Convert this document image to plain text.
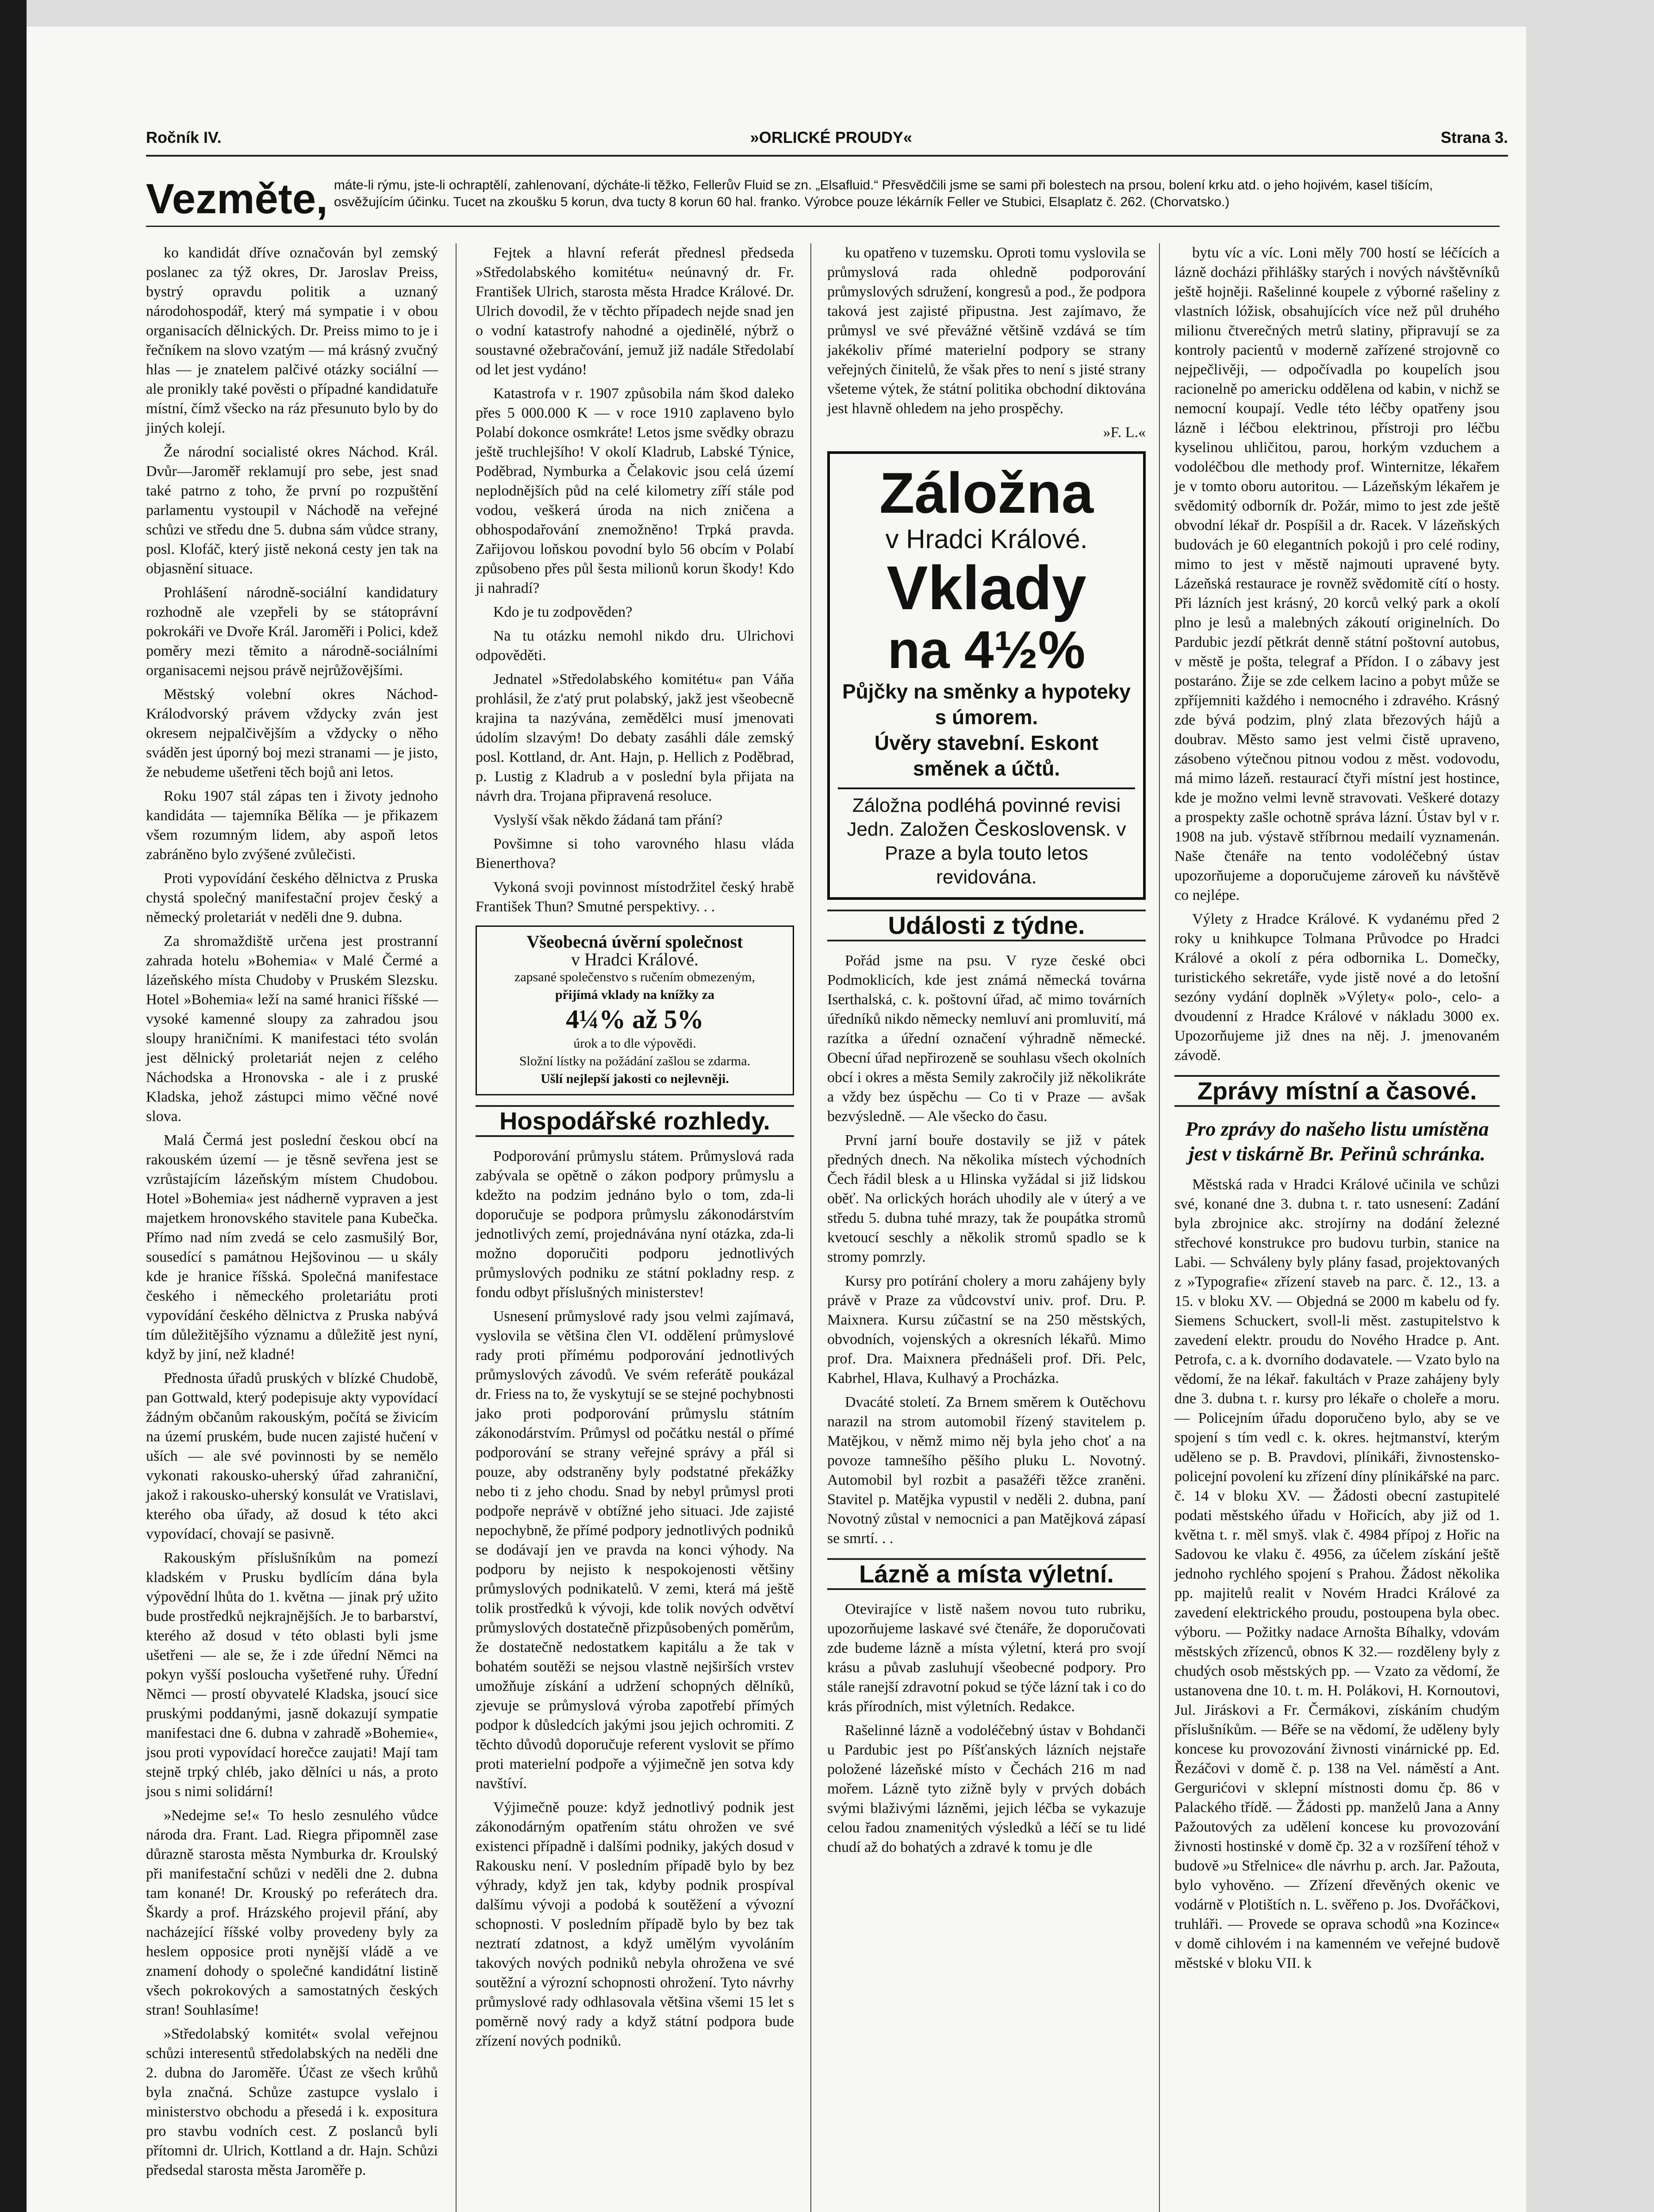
Ročník IV.	»ORLICKÉ PROUDY«	Strana 3.
Vezměte, máte-li rýmu, jste-li ochraptělí, zahlenovaní, dýcháte-li těžko, Fellerův Fluid se zn. „Elsafluid.“ Přesvědčili jsme se sami při bolestech na prsou, bolení krku atd. o jeho hojivém, kasel tišícím, osvěžujícím účinku. Tucet na zkoušku 5 korun, dva tucty 8 korun 60 hal. franko. Výrobce pouze lékárník Feller ve Stubici, Elsaplatz č. 262. (Chorvatsko.)

ko kandidát dříve označován byl zemský poslanec za týž okres, Dr. Jaroslav Preiss, bystrý opravdu politik a uznaný národohospodář, který má sympatie i v obou organisacích dělnických. Dr. Preiss mimo to je i řečníkem na slovo vzatým — má krásný zvučný hlas — je znatelem palčivé otázky sociální — ale pronikly také pověsti o případné kandidatuře místní, čímž všecko na ráz přesunuto bylo by do jiných kolejí.

Že národní socialisté okres Náchod. Král. Dvůr—Jaroměř reklamují pro sebe, jest snad také patrno z toho, že první po rozpuštění parlamentu vystoupil v Náchodě na veřejné schůzi ve středu dne 5. dubna sám vůdce strany, posl. Klofáč, který jistě nekoná cesty jen tak na objasnění situace.

Prohlášení národně-sociální kandidatury rozhodně ale vzepřeli by se státoprávní pokrokáři ve Dvoře Král. Jaroměři i Polici, kdež poměry mezi těmito a národně-sociálními organisacemi nejsou právě nejrůžovějšími.

Městský volební okres Náchod-Králodvorský právem vždycky zván jest okresem nejpalčivějším a vždycky o něho sváděn jest úporný boj mezi stranami — je jisto, že nebudeme ušetřeni těch bojů ani letos.

Roku 1907 stál zápas ten i životy jednoho kandidáta — tajemníka Bělíka — je přikazem všem rozumným lidem, aby aspoň letos zabráněno bylo zvýšené zvůlečisti.

Proti vypovídání českého dělnictva z Pruska chystá společný manifestační projev český a německý proletariát v neděli dne 9. dubna.

Za shromaždiště určena jest prostranní zahrada hotelu »Bohemia« v Malé Čermé a lázeňského místa Chudoby v Pruském Slezsku. Hotel »Bohemia« leží na samé hranici říšské — vysoké kamenné sloupy za zahradou jsou sloupy hraničními. K manifestaci této svolán jest dělnický proletariát nejen z celého Náchodska a Hronovska - ale i z pruské Kladska, jehož zástupci mimo věčné nové slova.

Malá Čermá jest poslední českou obcí na rakouském území — je těsně sevřena jest se vzrůstajícím lázeňským místem Chudobou. Hotel »Bohemia« jest nádherně vypraven a jest majetkem hronovského stavitele pana Kubečka. Přímo nad ním zvedá se celo zasmušilý Bor, sousedící s památnou Hejšovinou — u skály kde je hranice říšská. Společná manifestace českého i německého proletariátu proti vypovídání českého dělnictva z Pruska nabývá tím důležitějšího významu a důležitě jest nyní, když by jiní, než kladné!

Přednosta úřadů pruských v blízké Chudobě, pan Gottwald, který podepisuje akty vypovídací žádným občanům rakouským, počítá se živicím na území pruském, bude nucen zajisté hučení v uších — ale své povinnosti by se nemělo vykonati rakousko-uherský úřad zahraniční, jakož i rakousko-uherský konsulát ve Vratislavi, kterého oba úřady, až dosud k této akci vypovídací, chovají se pasivně.

Rakouským příslušníkům na pomezí kladském v Prusku bydlícím dána byla výpovědní lhůta do 1. května — jinak prý užito bude prostředků nejkrajnějších. Je to barbarství, kterého až dosud v této oblasti byli jsme ušetřeni — ale se, že i zde úřední Němci na pokyn vyšší posloucha vyšetřené ruhy. Úřední Němci — prostí obyvatelé Kladska, jsoucí sice pruskými poddanými, jasně dokazují sympatie manifestaci dne 6. dubna v zahradě »Bohemie«, jsou proti vypovídací horečce zaujati! Mají tam stejně trpký chléb, jako dělníci u nás, a proto jsou s nimi solidární!

»Nedejme se!« To heslo zesnulého vůdce národa dra. Frant. Lad. Riegra připomněl zase důrazně starosta města Nymburka dr. Kroulský při manifestační schůzi v neděli dne 2. dubna tam konané! Dr. Krouský po referátech dra. Škardy a prof. Hrázského projevil přání, aby nacházející říšské volby provedeny byly za heslem opposice proti nynější vládě a ve znamení dohody o společné kandidátní listině všech pokrokových a samostatných českých stran! Souhlasíme!

»Středolabský komitét« svolal veřejnou schůzi interesentů středolabských na neděli dne 2. dubna do Jaroměře. Účast ze všech krůhů byla značná. Schůze zastupce vyslalo i ministerstvo obchodu a přesedá i k. expositura pro stavbu vodních cest. Z poslanců byli přítomni dr. Ulrich, Kottland a dr. Hajn. Schůzi předsedal starosta města Jaroměře p.

Fejtek a hlavní referát přednesl předseda »Středolabského komitétu« neúnavný dr. Fr. František Ulrich, starosta města Hradce Králové. Dr. Ulrich dovodil, že v těchto případech nejde snad jen o vodní katastrofy nahodné a ojedinělé, nýbrž o soustavné ožebračování, jemuž již nadále Středolabí od let jest vydáno!

Katastrofa v r. 1907 způsobila nám škod daleko přes 5 000.000 K — v roce 1910 zaplaveno bylo Polabí dokonce osmkráte! Letos jsme svědky obrazu ještě truchlejšího! V okolí Kladrub, Labské Týnice, Poděbrad, Nymburka a Čelakovic jsou celá území neplodnějších půd na celé kilometry zíří stále pod vodou, veškerá úroda na nich zničena a obhospodařování znemožněno! Trpká pravda. Zařijovou loňskou povodní bylo 56 obcím v Polabí způsobeno přes půl šesta milionů korun škody! Kdo ji nahradí?

Kdo je tu zodpověden?

Na tu otázku nemohl nikdo dru. Ulrichovi odpověděti.

Jednatel »Středolabského komitétu« pan Váňa prohlásil, že z'atý prut polabský, jakž jest všeobecně krajina ta nazývána, zemědělci musí jmenovati údolím slzavým! Do debaty zasáhli dále zemský posl. Kottland, dr. Ant. Hajn, p. Hellich z Poděbrad, p. Lustig z Kladrub a v poslední byla přijata na návrh dra. Trojana připravená resoluce.

Vyslyší však někdo žádaná tam přání?

Povšimne si toho varovného hlasu vláda Bienerthova?

Vykoná svoji povinnost místodržitel český hrabě František Thun? Smutné perspektivy. . .

Všeobecná úvěrní společnost
v Hradci Králové.
zapsané společenstvo s ručením obmezeným,
přijímá vklady na knížky za
4¼% až 5%
úrok a to dle výpovědi.
Složní lístky na požádání zašlou se zdarma.
Ušlí nejlepší jakosti co nejlevněji.
Hospodářské rozhledy.

Podporování průmyslu státem. Průmyslová rada zabývala se opětně o zákon podpory průmyslu a kdežto na podzim jednáno bylo o tom, zda-li doporučuje se podpora průmyslu zákonodárstvím jednotlivých zemí, projednávána nyní otázka, zda-li možno doporučiti podporu jednotlivých průmyslových podniku ze státní pokladny resp. z fondu odbyt příslušných ministerstev!

Usnesení průmyslové rady jsou velmi zajímavá, vyslovila se většina člen VI. oddělení průmyslové rady proti přímému podporování jednotlivých průmyslových závodů. Ve svém referátě poukázal dr. Friess na to, že vyskytují se se stejné pochybnosti jako proti podporování průmyslu státním zákonodárstvím. Průmysl od počátku nestál o přímé podporování se strany veřejné správy a přál si pouze, aby odstraněny byly podstatné překážky nebo ti z jeho chodu. Snad by nebyl průmysl proti podpoře neprávě v obtížné jeho situaci. Jde zajisté nepochybně, že přímé podpory jednotlivých podniků se dodávají jen ve pravda na konci výhody. Na podporu by nejisto k nespokojenosti většiny průmyslových podnikatelů. V zemi, která má ještě tolik prostředků k vývoji, kde tolik nových odvětví průmyslových dostatečně přizpůsobených poměrům, že dostatečně nedostatkem kapitálu a že tak v bohatém soutěži se nejsou vlastně nejširších vrstev umožňuje získání a udržení schopných dělníků, zjevuje se průmyslová výroba zapotřebí přímých podpor k důsledcích jakými jsou jejich ochromiti. Z těchto důvodů doporučuje referent vyslovit se přímo proti materielní podpoře a výjimečně jen sotva kdy navštíví.

Výjimečně pouze: když jednotlivý podnik jest zákonodárným opatřením státu ohrožen ve své existenci případně i dalšími podniky, jakých dosud v Rakousku není. V posledním případě bylo by bez výhrady, když jen tak, kdyby podnik prospíval dalšímu vývoji a podobá k soutěžení a vývozní schopnosti. V posledním případě bylo by bez tak neztratí zdatnost, a když umělým vyvoláním takových nových podniků nebyla ohrožena ve své soutěžní a výrozní schopnosti ohrožení. Tyto návrhy průmyslové rady odhlasovala většina všemi 15 let s poměrně nový rady a když státní podpora bude zřízení nových podniků.

ku opatřeno v tuzemsku. Oproti tomu vyslovila se průmyslová rada ohledně podporování průmyslových sdružení, kongresů a pod., že podpora taková jest zajisté připustna. Jest zajímavo, že průmysl ve své převážné většině vzdává se tím jakékoliv přímé materielní podpory se strany veřejných činitelů, že však přes to není s jisté strany všeteme výtek, že státní politika obchodní diktována jest hlavně ohledem na jeho prospěchy.

»F. L.«
Záložna
v Hradci Králové.
Vklady
na 4½%
Půjčky na směnky a hypoteky s úmorem.
Úvěry stavební. Eskont směnek a účtů.
Záložna podléhá povinné revisi Jedn. Založen Československ. v Praze a byla touto letos revidována.
Události z týdne.

Pořád jsme na psu. V ryze české obci Podmoklicích, kde jest známá německá továrna Iserthalská, c. k. poštovní úřad, ač mimo továrních úředníků nikdo německy nemluví ani promluvití, má razítka a úřední označení výhradně německé. Obecní úřad nepřirozeně se souhlasu všech okolních obcí i okres a města Semily zakročily již několikráte a vždy bez úspěchu — Co ti v Praze — avšak bezvýsledně. — Ale všecko do času.

První jarní bouře dostavily se již v pátek předných dnech. Na několika místech východních Čech řádil blesk a u Hlinska vyžádal si již lidskou oběť. Na orlických horách uhodily ale v úterý a ve středu 5. dubna tuhé mrazy, tak že poupátka stromů kvetoucí seschly a několik stromů spadlo se k stromy pomrzly.

Kursy pro potírání cholery a moru zahájeny byly právě v Praze za vůdcovství univ. prof. Dru. P. Maixnera. Kursu zúčastní se na 250 městských, obvodních, vojenských a okresních lékařů. Mimo prof. Dra. Maixnera přednášeli prof. Dři. Pelc, Kabrhel, Hlava, Kulhavý a Procházka.

Dvacáté století. Za Brnem směrem k Outěchovu narazil na strom automobil řízený stavitelem p. Matějkou, v němž mimo něj byla jeho choť a na povoze tamnešího pěšího pluku L. Novotný. Automobil byl rozbit a pasažéři těžce zraněni. Stavitel p. Matějka vypustil v neděli 2. dubna, paní Novotný zůstal v nemocnici a pan Matějková zápasí se smrtí. . .

Lázně a místa výletní.

Otevirajíce v listě našem novou tuto rubriku, upozorňujeme laskavé své čtenáře, že doporučovati zde budeme lázně a místa výletní, která pro svojí krásu a půvab zasluhují všeobecné podpory. Pro stále ranejší zdravotní pokud se týče lázní tak i co do krás přírodních, mist výletních. Redakce.

Rašelinné lázně a vodoléčebný ústav v Bohdanči u Pardubic jest po Píšťanských lázních nejstaře položené lázeňské místo v Čechách 216 m nad mořem. Lázně tyto zižně byly v prvých dobách svými blaživými lázněmi, jejich léčba se vykazuje celou řadou znamenitých výsledků a léčí se tu lidé chudí až do bohatých a zdravé k tomu je dle

bytu víc a víc. Loni měly 700 hostí se léčících a lázně docházi přihlášky starých i nových návštěvníků ještě hojněji. Rašelinné koupele z výborné rašeliny z vlastních lóžisk, obsahujících více než půl druhého milionu čtverečných metrů slatiny, připravují se za kontroly pacientů v moderně zařízené strojovně co nejpečlivěji, — odpočívadla po koupelích jsou racionelně po americku oddělena od kabin, v nichž se nemocní koupají. Vedle této léčby opatřeny jsou lázně i léčbou elektrinou, přístroji pro léčbu kyselinou uhličitou, parou, horkým vzduchem a vodoléčbou dle methody prof. Winternitze, lékařem je v tomto oboru autoritou. — Lázeňským lékařem je svědomitý odborník dr. Požár, mimo to jest zde ještě obvodní lékař dr. Pospíšil a dr. Racek. V lázeňských budovách je 60 elegantních pokojů i pro celé rodiny, mimo to jest v městě najmouti upravené byty. Lázeňská restaurace je rovněž svědomitě cítí o hosty. Při lázních jest krásný, 20 korců velký park a okolí plno je lesů a malebných zákoutí originelních. Do Pardubic jezdí pětkrát denně státní poštovní autobus, v městě je pošta, telegraf a Přídon. I o zábavy jest postaráno. Žije se zde celkem lacino a pobyt může se zpříjemniti každého i nemocného i zdravého. Krásný zde bývá podzim, plný zlata březových hájů a doubrav. Město samo jest velmi čistě upraveno, zásobeno výtečnou pitnou vodou z měst. vodovodu, má mimo lázeň. restaurací čtyři místní jest hostince, kde je možno velmi levně stravovati. Veškeré dotazy a prospekty zašle ochotně správa lázní. Ústav byl v r. 1908 na jub. výstavě stříbrnou medailí vyznamenán. Naše čtenáře na tento vodoléčebný ústav upozorňujeme a doporučujeme zároveň ku návštěvě co nejlépe.

Výlety z Hradce Králové. K vydanému před 2 roky u knihkupce Tolmana Průvodce po Hradci Králové a okolí z péra odbornika L. Domečky, turistického sekretáře, vyde jistě nové a do letošní sezóny vydání doplněk »Výlety« polo-, celo- a dvoudenní z Hradce Králové v nákladu 3000 ex. Upozorňujeme již dnes na něj. J. jmenovaném závodě.

Zprávy místní a časové.
Pro zprávy do našeho listu umístěna jest v tiskárně Br. Peřinů schránka.

Městská rada v Hradci Králové učinila ve schůzi své, konané dne 3. dubna t. r. tato usnesení: Zadání byla zbrojnice akc. strojírny na dodání železné střechové konstrukce pro budovu turbin, stanice na Labi. — Schváleny byly plány fasad, projektovaných z »Typografie« zřízení staveb na parc. č. 12., 13. a 15. v bloku XV. — Objedná se 2000 m kabelu od fy. Siemens Schuckert, svoll-li měst. zastupitelstvo k zavedení elektr. proudu do Nového Hradce p. Ant. Petrofa, c. a k. dvorního dodavatele. — Vzato bylo na vědomí, že na lékař. fakultách v Praze zahájeny byly dne 3. dubna t. r. kursy pro lékaře o choleře a moru. — Policejním úřadu doporučeno bylo, aby se ve spojení s tím vedl c. k. okres. hejtmanství, kterým uděleno se p. B. Pravdovi, plínikáři, živnostensko-policejní povolení ku zřízení díny plínikářské na parc. č. 14 v bloku XV. — Žádosti obecní zastupitelé podati městského úřadu v Hořicích, aby již od 1. května t. r. měl smyš. vlak č. 4984 přípoj z Hořic na Sadovou ke vlaku č. 4956, za účelem získání ještě jednoho rychlého spojení s Prahou. Žádost několika pp. majitelů realit v Novém Hradci Králové za zavedení elektrického proudu, postoupena byla obec. výboru. — Požitky nadace Arnošta Bíhalky, vdovám městských zřízenců, obnos K 32.— rozděleny byly z chudých osob městských pp. — Vzato za vědomí, že ustanovena dne 10. t. m. H. Polákovi, H. Kornoutovi, Jul. Jiráskovi a Fr. Čermákovi, získáním chudým příslušníkům. — Béře se na vědomí, že uděleny byly koncese ku provozování živnosti vinárnické pp. Ed. Řezáčovi v domě č. p. 138 na Vel. náměstí a Ant. Gergurićovi v sklepní místnosti domu čp. 86 v Palackého třídě. — Žádosti pp. manželů Jana a Anny Pažoutových za udělení koncese ku provozování živnosti hostinské v domě čp. 32 a v rozšíření téhož v budově »u Střelnice« dle návrhu p. arch. Jar. Pažouta, bylo vyhověno. — Zřízení dřevěných okenic ve vodárně v Plotištích n. L. svěřeno p. Jos. Dvořáčkovi, truhláři. — Provede se oprava schodů »na Kozince« v domě cihlovém i na kamenném ve veřejné budově městské v bloku VII. k
